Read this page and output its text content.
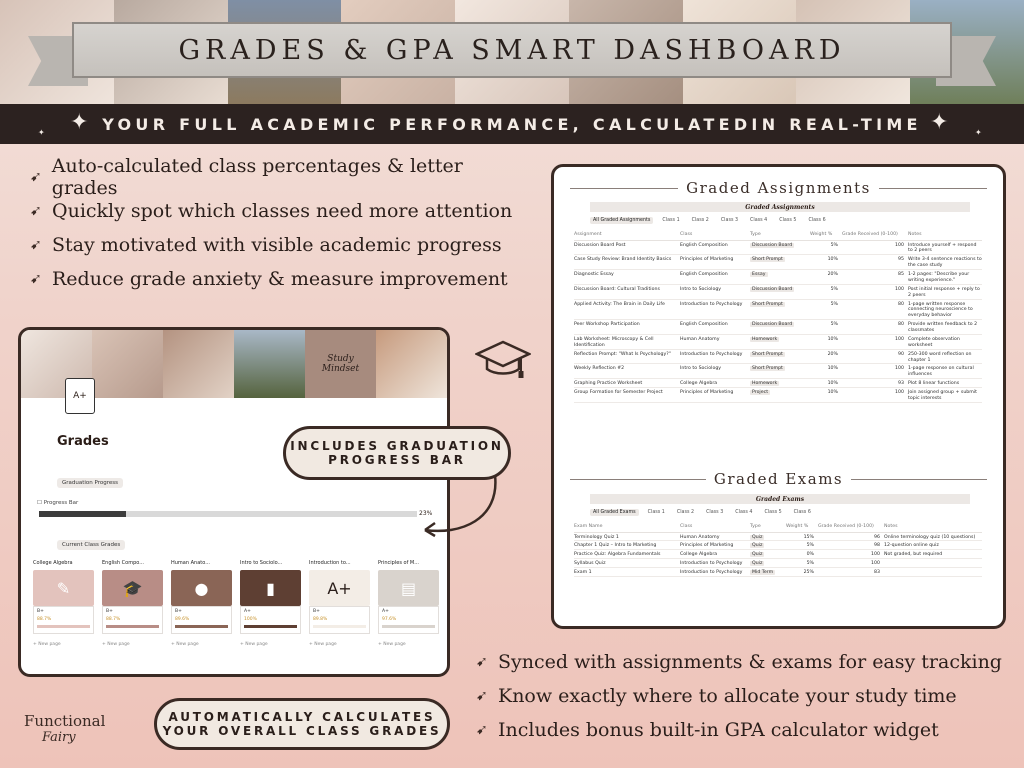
GRADES & GPA SMART DASHBOARD
YOUR FULL ACADEMIC PERFORMANCE, CALCULATEDIN REAL-TIME
✦	✦
✦	✦
➹ Auto-calculated class percentages & letter grades
➹ Quickly spot which classes need more attention
➹ Stay motivated with visible academic progress
➹ Reduce grade anxiety & measure improvement
Study Mindset
A+
Grades
Graduation Progress
☐ Progress Bar
23%
Current Class Grades
College Algebra
✎
B+
88.7%
+ New page
English Compo...
🎓
B+
88.7%
+ New page
Human Anato...
●
B+
89.6%
+ New page
Intro to Sociolo...
▮
A+
100%
+ New page
Introduction to...
A+
B+
89.8%
+ New page
Principles of M...
▤
A+
97.6%
+ New page
INCLUDES GRADUATION
PROGRESS BAR
Graded Assignments
Graded Assignments
All Graded Assignments	Class 1	Class 2	Class 3	Class 4	Class 5	Class 6
Assignment	Class	Type	Weight %	Grade Received (0-100)	Notes
Discussion Board Post	English Composition	Discussion Board	5%	100	Introduce yourself + respond to 2 peers
Case Study Review: Brand Identity Basics	Principles of Marketing	Short Prompt	10%	95	Write 3-4 sentence reactions to the case study
Diagnostic Essay	English Composition	Essay	20%	85	1-2 pages: "Describe your writing experience."
Discussion Board: Cultural Traditions	Intro to Sociology	Discussion Board	5%	100	Post initial response + reply to 2 peers
Applied Activity: The Brain in Daily Life	Introduction to Psychology	Short Prompt	5%	80	1-page written response connecting neuroscience to everyday behavior
Peer Workshop Participation	English Composition	Discussion Board	5%	80	Provide written feedback to 2 classmates
Lab Worksheet: Microscopy & Cell Identification	Human Anatomy	Homework	10%	100	Complete observation worksheet
Reflection Prompt: "What Is Psychology?"	Introduction to Psychology	Short Prompt	20%	90	250-300 word reflection on chapter 1
Weekly Reflection #2	Intro to Sociology	Short Prompt	10%	100	1-page response on cultural influences
Graphing Practice Worksheet	College Algebra	Homework	10%	93	Plot 8 linear functions
Group Formation for Semester Project	Principles of Marketing	Project	10%	100	Join assigned group + submit topic interests
Graded Exams
Graded Exams
All Graded Exams	Class 1	Class 2	Class 3	Class 4	Class 5	Class 6
Exam Name	Class	Type	Weight %	Grade Received (0-100)	Notes
Terminology Quiz 1	Human Anatomy	Quiz	15%	96	Online terminology quiz (10 questions)
Chapter 1 Quiz – Intro to Marketing	Principles of Marketing	Quiz	5%	98	12-question online quiz
Practice Quiz: Algebra Fundamentals	College Algebra	Quiz	0%	100	Not graded, but required
Syllabus Quiz	Introduction to Psychology	Quiz	5%	100	
Exam 1	Introduction to Psychology	Mid Term	25%	83	
➹ Synced with assignments & exams for easy tracking
➹ Know exactly where to allocate your study time
➹ Includes bonus built-in GPA calculator widget
AUTOMATICALLY CALCULATES
YOUR OVERALL CLASS GRADES
Functional
Fairy
